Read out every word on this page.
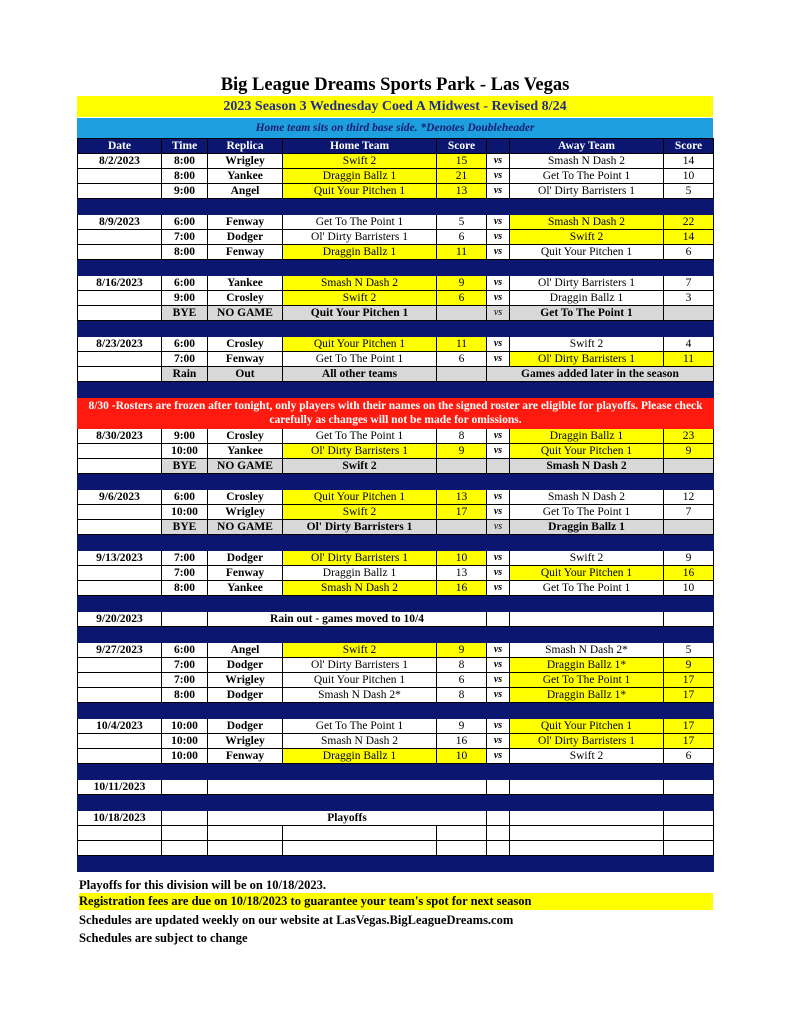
Big League Dreams Sports Park - Las Vegas
2023 Season 3 Wednesday Coed A Midwest - Revised 8/24
Home team sits on third base side. *Denotes Doubleheader
Date	Time	Replica	Home Team	Score		Away Team	Score
8/2/2023	8:00	Wrigley	Swift 2	15	vs	Smash N Dash 2	14
	8:00	Yankee	Draggin Ballz 1	21	vs	Get To The Point 1	10
	9:00	Angel	Quit Your Pitchen 1	13	vs	Ol' Dirty Barristers 1	5

8/9/2023	6:00	Fenway	Get To The Point 1	5	vs	Smash N Dash 2	22
	7:00	Dodger	Ol' Dirty Barristers 1	6	vs	Swift 2	14
	8:00	Fenway	Draggin Ballz 1	11	vs	Quit Your Pitchen 1	6

8/16/2023	6:00	Yankee	Smash N Dash 2	9	vs	Ol' Dirty Barristers 1	7
	9:00	Crosley	Swift 2	6	vs	Draggin Ballz 1	3
	BYE	NO GAME	Quit Your Pitchen 1		vs	Get To The Point 1	

8/23/2023	6:00	Crosley	Quit Your Pitchen 1	11	vs	Swift 2	4
	7:00	Fenway	Get To The Point 1	6	vs	Ol' Dirty Barristers 1	11
	Rain	Out	All other teams		Games added later in the season		

8/30 -Rosters are frozen after tonight, only players with their names on the signed roster are eligible for playoffs. Please check carefully as changes will not be made for omissions.							
8/30/2023	9:00	Crosley	Get To The Point 1	8	vs	Draggin Ballz 1	23
	10:00	Yankee	Ol' Dirty Barristers 1	9	vs	Quit Your Pitchen 1	9
	BYE	NO GAME	Swift 2			Smash N Dash 2	

9/6/2023	6:00	Crosley	Quit Your Pitchen 1	13	vs	Smash N Dash 2	12
	10:00	Wrigley	Swift 2	17	vs	Get To The Point 1	7
	BYE	NO GAME	Ol' Dirty Barristers 1		vs	Draggin Ballz 1	

9/13/2023	7:00	Dodger	Ol' Dirty Barristers 1	10	vs	Swift 2	9
	7:00	Fenway	Draggin Ballz 1	13	vs	Quit Your Pitchen 1	16
	8:00	Yankee	Smash N Dash 2	16	vs	Get To The Point 1	10

9/20/2023		Rain out - games moved to 10/4					

9/27/2023	6:00	Angel	Swift 2	9	vs	Smash N Dash 2*	5
	7:00	Dodger	Ol' Dirty Barristers 1	8	vs	Draggin Ballz 1*	9
	7:00	Wrigley	Quit Your Pitchen 1	6	vs	Get To The Point 1	17
	8:00	Dodger	Smash N Dash 2*	8	vs	Draggin Ballz 1*	17

10/4/2023	10:00	Dodger	Get To The Point 1	9	vs	Quit Your Pitchen 1	17
	10:00	Wrigley	Smash N Dash 2	16	vs	Ol' Dirty Barristers 1	17
	10:00	Fenway	Draggin Ballz 1	10	vs	Swift 2	6

10/11/2023							

10/18/2023		Playoffs					

Playoffs for this division will be on 10/18/2023.
Registration fees are due on 10/18/2023 to guarantee your team's spot for next season
Schedules are updated weekly on our website at LasVegas.BigLeagueDreams.com
Schedules are subject to change
